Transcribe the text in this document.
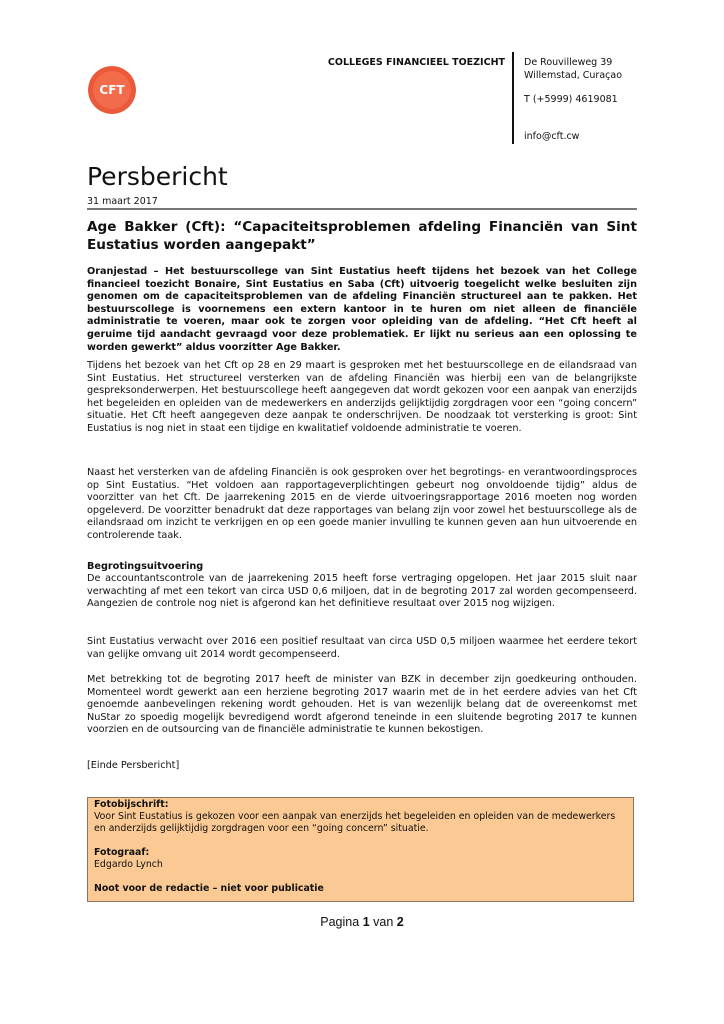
CFT
COLLEGES FINANCIEEL TOEZICHT De Rouvilleweg 39
Willemstad, Curaçao
T (+5999) 4619081
info@cft.cw
Persbericht
31 maart 2017
Age Bakker (Cft): “Capaciteitsproblemen afdeling Financiën van Sint Eustatius worden aangepakt”
Oranjestad – Het bestuurscollege van Sint Eustatius heeft tijdens het bezoek van het College financieel toezicht Bonaire, Sint Eustatius en Saba (Cft) uitvoerig toegelicht welke besluiten zijn genomen om de capaciteitsproblemen van de afdeling Financiën structureel aan te pakken. Het bestuurscollege is voornemens een extern kantoor in te huren om niet alleen de financiële administratie te voeren, maar ook te zorgen voor opleiding van de afdeling. “Het Cft heeft al geruime tijd aandacht gevraagd voor deze problematiek. Er lijkt nu serieus aan een oplossing te worden gewerkt” aldus voorzitter Age Bakker.
Tijdens het bezoek van het Cft op 28 en 29 maart is gesproken met het bestuurscollege en de eilandsraad van Sint Eustatius. Het structureel versterken van de afdeling Financiën was hierbij een van de belangrijkste gespreksonderwerpen. Het bestuurscollege heeft aangegeven dat wordt gekozen voor een aanpak van enerzijds het begeleiden en opleiden van de medewerkers en anderzijds gelijktijdig zorgdragen voor een “going concern” situatie. Het Cft heeft aangegeven deze aanpak te onderschrijven. De noodzaak tot versterking is groot: Sint Eustatius is nog niet in staat een tijdige en kwalitatief voldoende administratie te voeren.
Naast het versterken van de afdeling Financiën is ook gesproken over het begrotings- en verantwoordingsproces op Sint Eustatius. “Het voldoen aan rapportageverplichtingen gebeurt nog onvoldoende tijdig” aldus de voorzitter van het Cft. De jaarrekening 2015 en de vierde uitvoeringsrapportage 2016 moeten nog worden opgeleverd. De voorzitter benadrukt dat deze rapportages van belang zijn voor zowel het bestuurscollege als de eilandsraad om inzicht te verkrijgen en op een goede manier invulling te kunnen geven aan hun uitvoerende en controlerende taak.
Begrotingsuitvoering
De accountantscontrole van de jaarrekening 2015 heeft forse vertraging opgelopen. Het jaar 2015 sluit naar verwachting af met een tekort van circa USD 0,6 miljoen, dat in de begroting 2017 zal worden gecompenseerd. Aangezien de controle nog niet is afgerond kan het definitieve resultaat over 2015 nog wijzigen.
Sint Eustatius verwacht over 2016 een positief resultaat van circa USD 0,5 miljoen waarmee het eerdere tekort van gelijke omvang uit 2014 wordt gecompenseerd.
Met betrekking tot de begroting 2017 heeft de minister van BZK in december zijn goedkeuring onthouden. Momenteel wordt gewerkt aan een herziene begroting 2017 waarin met de in het eerdere advies van het Cft genoemde aanbevelingen rekening wordt gehouden. Het is van wezenlijk belang dat de overeenkomst met NuStar zo spoedig mogelijk bevredigend wordt afgerond teneinde in een sluitende begroting 2017 te kunnen voorzien en de outsourcing van de financiële administratie te kunnen bekostigen.
[Einde Persbericht]

Fotobijschrift:

Voor Sint Eustatius is gekozen voor een aanpak van enerzijds het begeleiden en opleiden van de medewerkers en anderzijds gelijktijdig zorgdragen voor een “going concern” situatie.

Fotograaf:

Edgardo Lynch

Noot voor de redactie – niet voor publicatie

Pagina 1 van 2
